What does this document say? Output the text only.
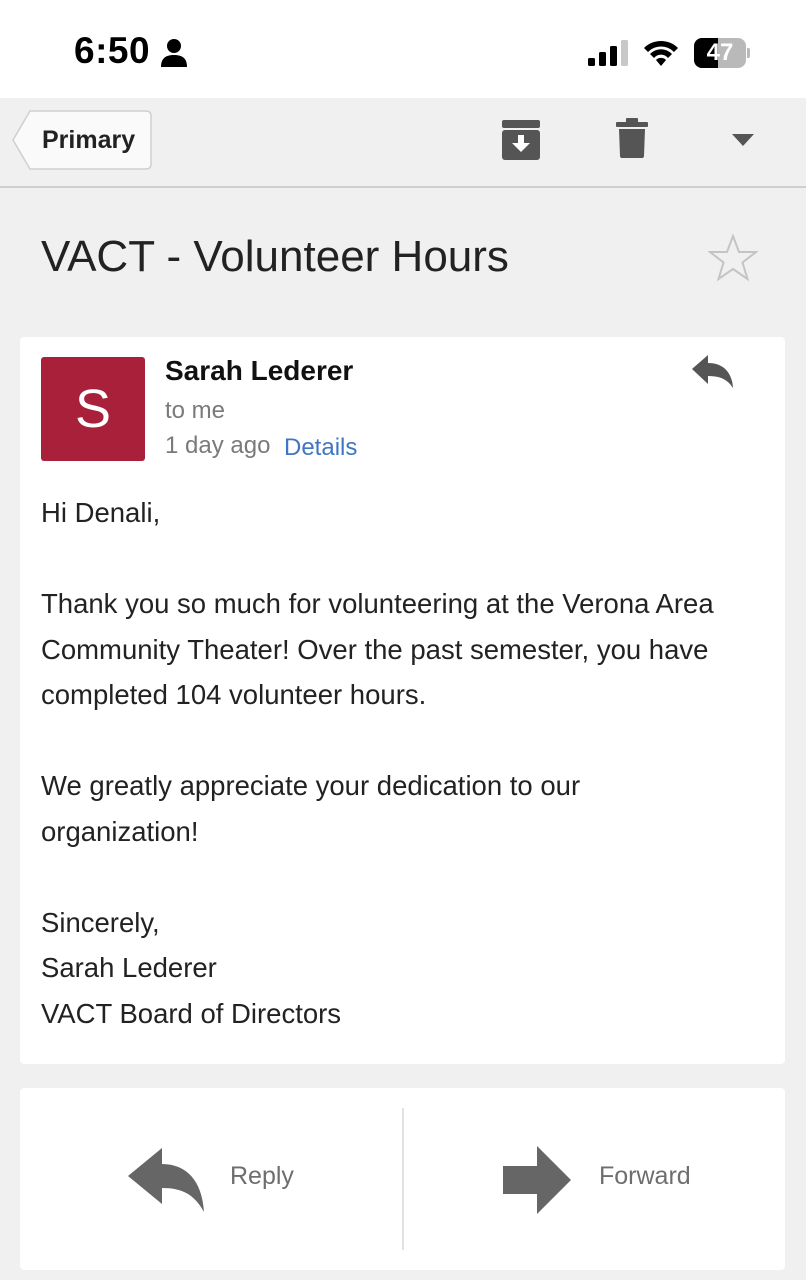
6:50	47
Primary
VACT - Volunteer Hours
S
Sarah Lederer
to me
1 day ago Details

Hi Denali,

Thank you so much for volunteering at the Verona Area

Community Theater! Over the past semester, you have

completed 104 volunteer hours.

We greatly appreciate your dedication to our

organization!

Sincerely,

Sarah Lederer

VACT Board of Directors

Reply	Forward
